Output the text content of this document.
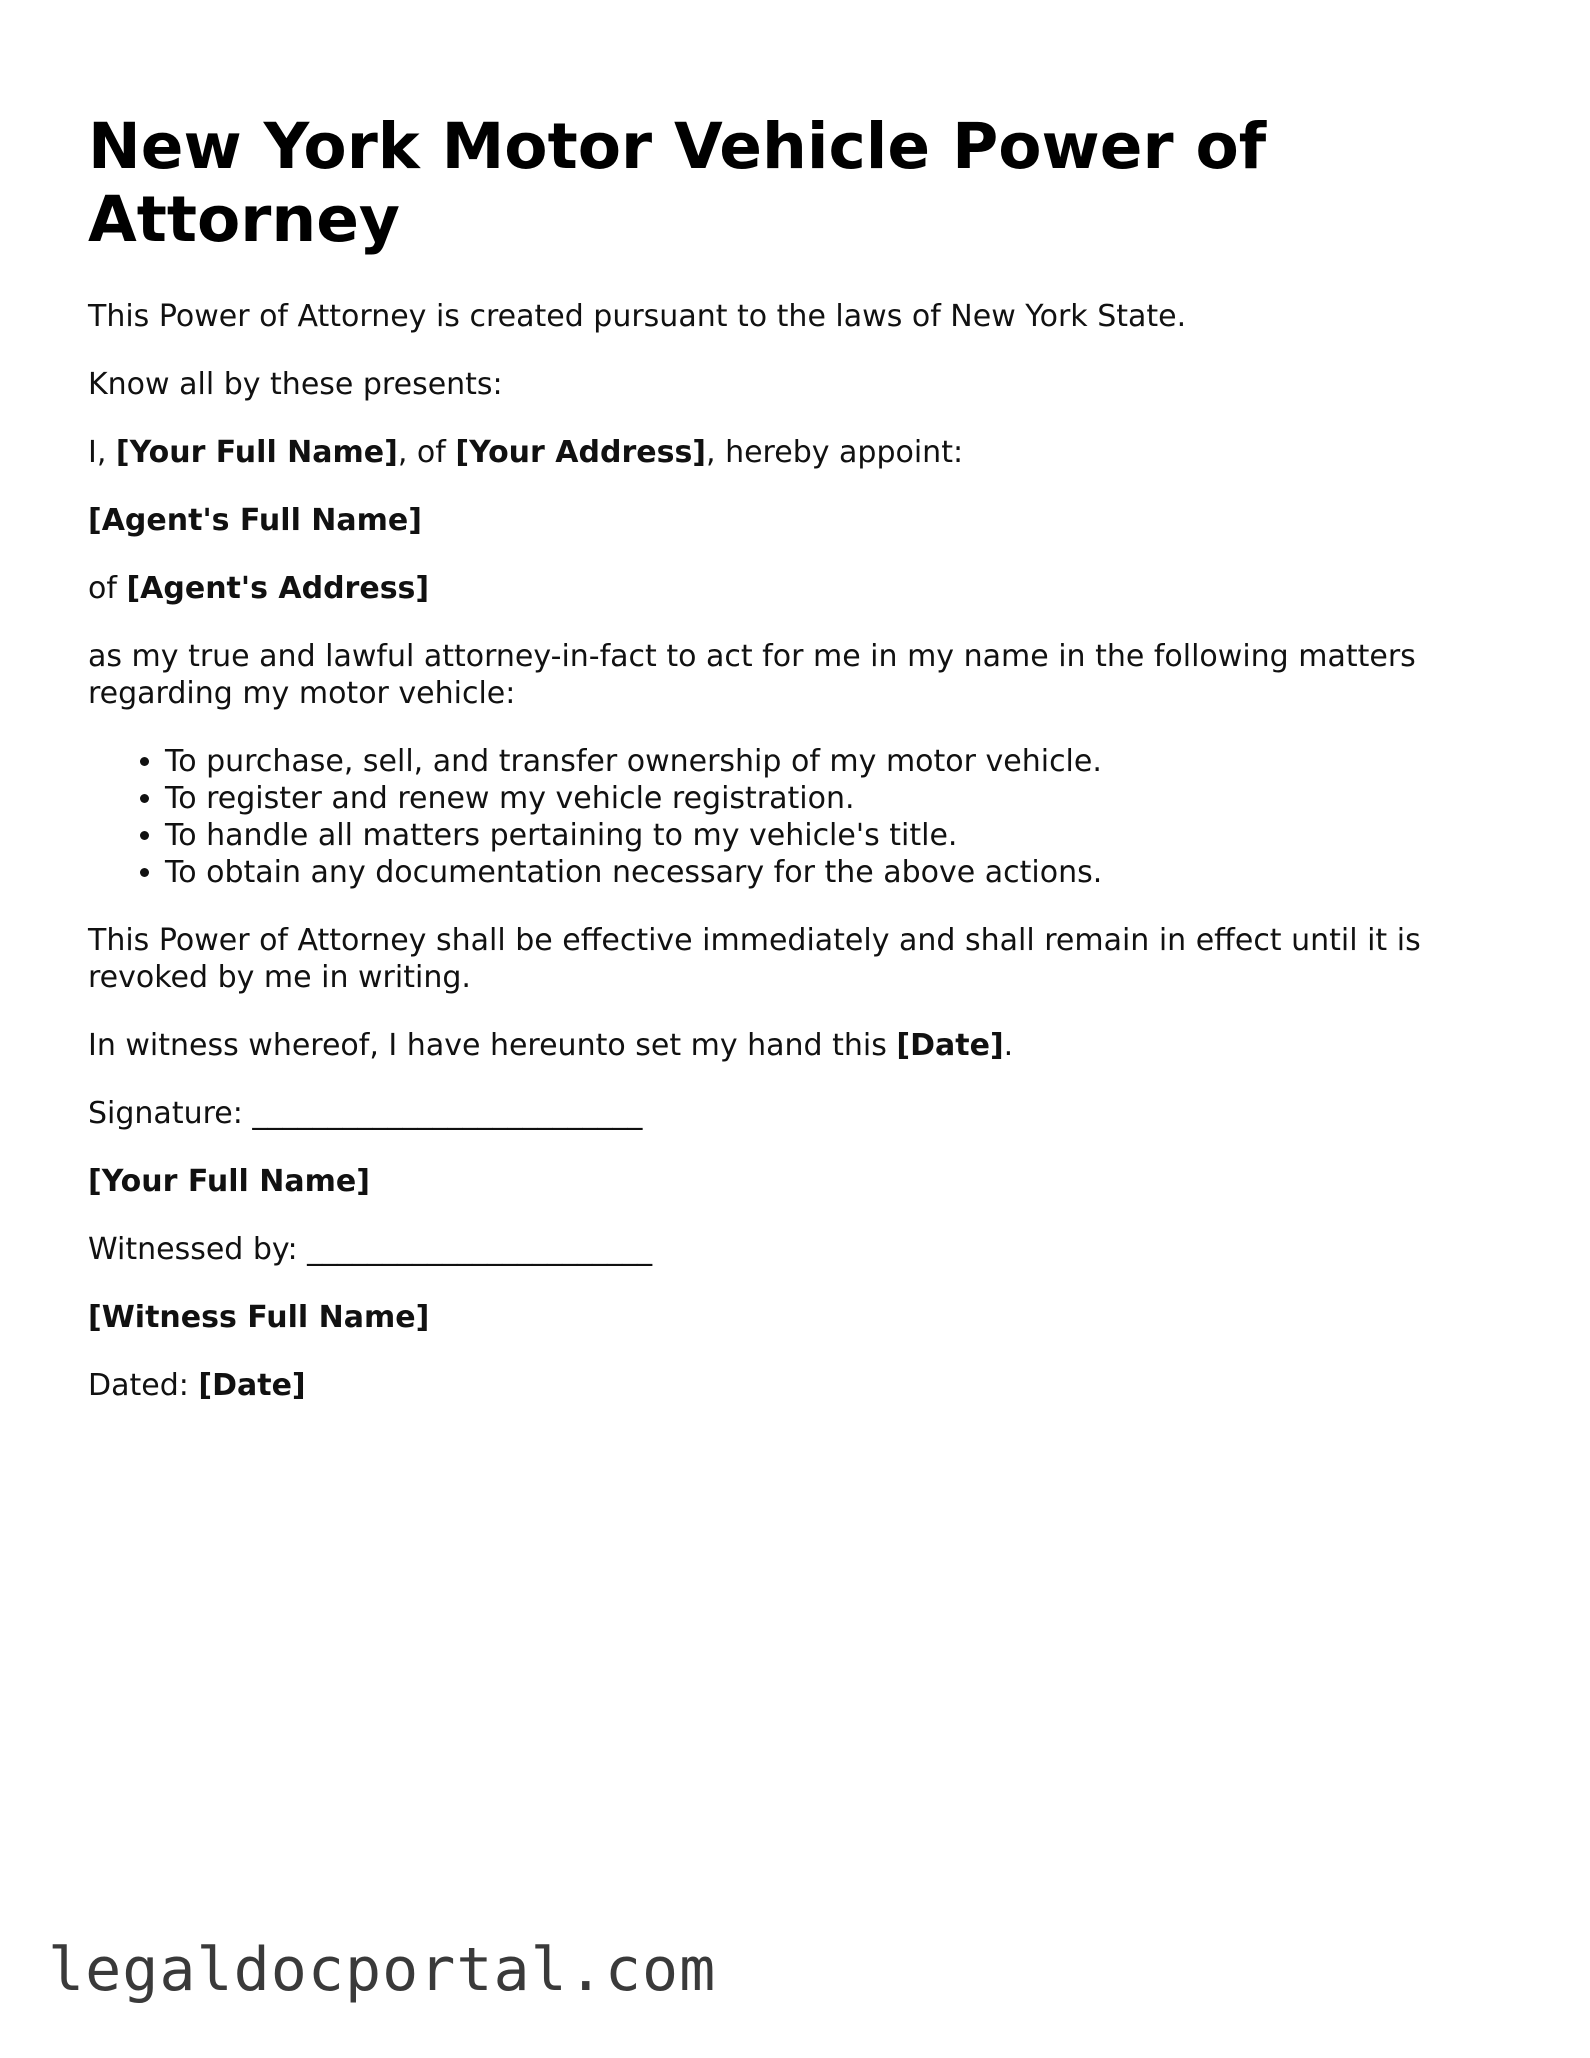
New York Motor Vehicle Power of Attorney

This Power of Attorney is created pursuant to the laws of New York State.

Know all by these presents:

I, [Your Full Name], of [Your Address], hereby appoint:

[Agent's Full Name]

of [Agent's Address]

as my true and lawful attorney-in-fact to act for me in my name in the following matters regarding my motor vehicle:

• To purchase, sell, and transfer ownership of my motor vehicle.
• To register and renew my vehicle registration.
• To handle all matters pertaining to my vehicle's title.
• To obtain any documentation necessary for the above actions.

This Power of Attorney shall be effective immediately and shall remain in effect until it is revoked by me in writing.

In witness whereof, I have hereunto set my hand this [Date].

Signature: __________________________

[Your Full Name]

Witnessed by: _______________________

[Witness Full Name]

Dated: [Date]

legaldocportal.com
